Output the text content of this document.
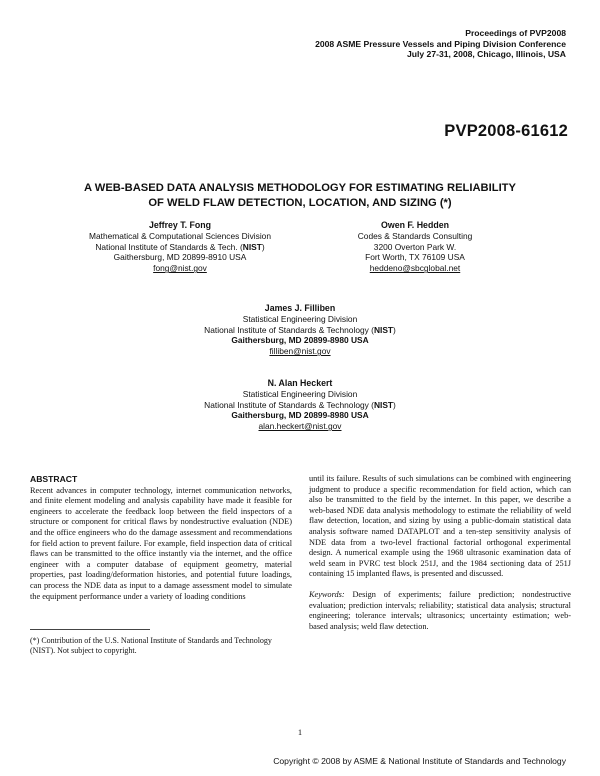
Proceedings of PVP2008
2008 ASME Pressure Vessels and Piping Division Conference
July 27-31, 2008, Chicago, Illinois, USA
PVP2008-61612
A WEB-BASED DATA ANALYSIS METHODOLOGY FOR ESTIMATING RELIABILITY
OF WELD FLAW DETECTION, LOCATION, AND SIZING (*)
Jeffrey T. Fong
Mathematical & Computational Sciences Division
National Institute of Standards & Tech. (NIST)
Gaithersburg, MD 20899-8910 USA
fong@nist.gov
Owen F. Hedden
Codes & Standards Consulting
3200 Overton Park W.
Fort Worth, TX 76109 USA
heddeno@sbcglobal.net
James J. Filliben
Statistical Engineering Division
National Institute of Standards & Technology (NIST)
Gaithersburg, MD 20899-8980 USA
filliben@nist.gov
N. Alan Heckert
Statistical Engineering Division
National Institute of Standards & Technology (NIST)
Gaithersburg, MD 20899-8980 USA
alan.heckert@nist.gov
ABSTRACT
Recent advances in computer technology, internet communication networks, and finite element modeling and analysis capability have made it feasible for engineers to accelerate the feedback loop between the field inspectors of a structure or component for critical flaws by nondestructive evaluation (NDE) and the office engineers who do the damage assessment and recommendations for field action to prevent failure. For example, field inspection data of critical flaws can be transmitted to the office instantly via the internet, and the office engineer with a computer database of equipment geometry, material properties, past loading/deformation histories, and potential future loadings, can process the NDE data as input to a damage assessment model to simulate the equipment performance under a variety of loading conditions
until its failure. Results of such simulations can be combined with engineering judgment to produce a specific recommendation for field action, which can also be transmitted to the field by the internet. In this paper, we describe a web-based NDE data analysis methodology to estimate the reliability of weld flaw detection, location, and sizing by using a public-domain statistical data analysis software named DATAPLOT and a ten-step sensitivity analysis of NDE data from a two-level fractional factorial orthogonal experimental design. A numerical example using the 1968 ultrasonic examination data of weld seam in PVRC test block 251J, and the 1984 sectioning data of 251J containing 15 implanted flaws, is presented and discussed.
Keywords: Design of experiments; failure prediction; nondestructive evaluation; prediction intervals; reliability; statistical data analysis; structural engineering; tolerance intervals; ultrasonics; uncertainty estimation; web-based analysis; weld flaw detection.
(*) Contribution of the U.S. National Institute of Standards and Technology (NIST). Not subject to copyright.
1
Copyright © 2008 by ASME & National Institute of Standards and Technology
